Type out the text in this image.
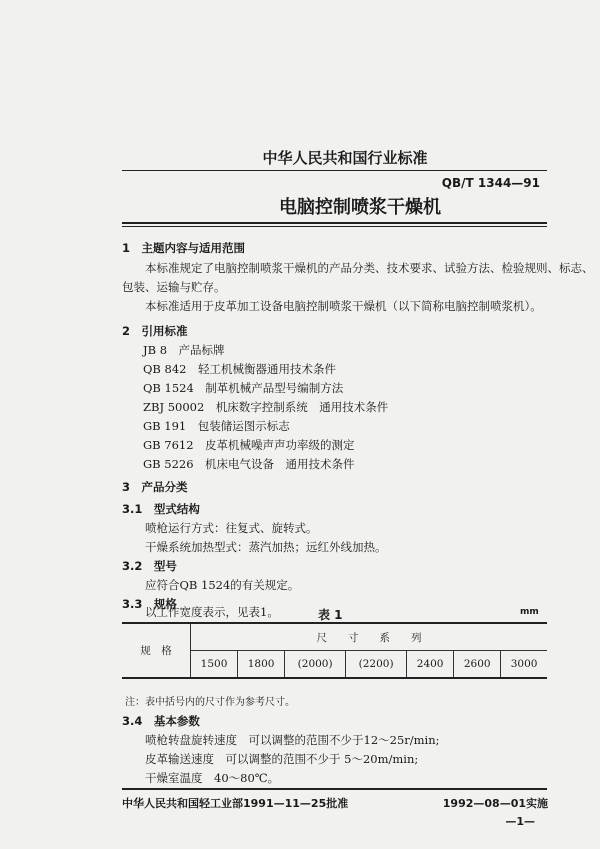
中华人民共和国行业标准
QB/T 1344—91
电脑控制喷浆干燥机
1　主题内容与适用范围
本标准规定了电脑控制喷浆干燥机的产品分类、技术要求、试验方法、检验规则、标志、
包装、运输与贮存。
本标准适用于皮革加工设备电脑控制喷浆干燥机（以下简称电脑控制喷浆机）。
2　引用标准
JB 8　产品标牌
QB 842　轻工机械衡器通用技术条件
QB 1524　制革机械产品型号编制方法
ZBJ 50002　机床数字控制系统　通用技术条件
GB 191　包装储运图示标志
GB 7612　皮革机械噪声声功率级的测定
GB 5226　机床电气设备　通用技术条件
3　产品分类
3.1　型式结构
喷枪运行方式：往复式、旋转式。
干燥系统加热型式：蒸汽加热；远红外线加热。
3.2　型号
应符合QB 1524的有关规定。
3.3　规格
以工作宽度表示，见表1。	表 1	mm
规　格	尺　　寸　　系　　列						
	1500	1800	(2000)	(2200)	2400	2600	3000
注：表中括号内的尺寸作为参考尺寸。
3.4　基本参数
喷枪转盘旋转速度　可以调整的范围不少于12～25r/min;
皮革输送速度　可以调整的范围不少于 5～20m/min;
干燥室温度　40～80℃。
中华人民共和国轻工业部1991—11—25批准	1992—08—01实施
—1—
